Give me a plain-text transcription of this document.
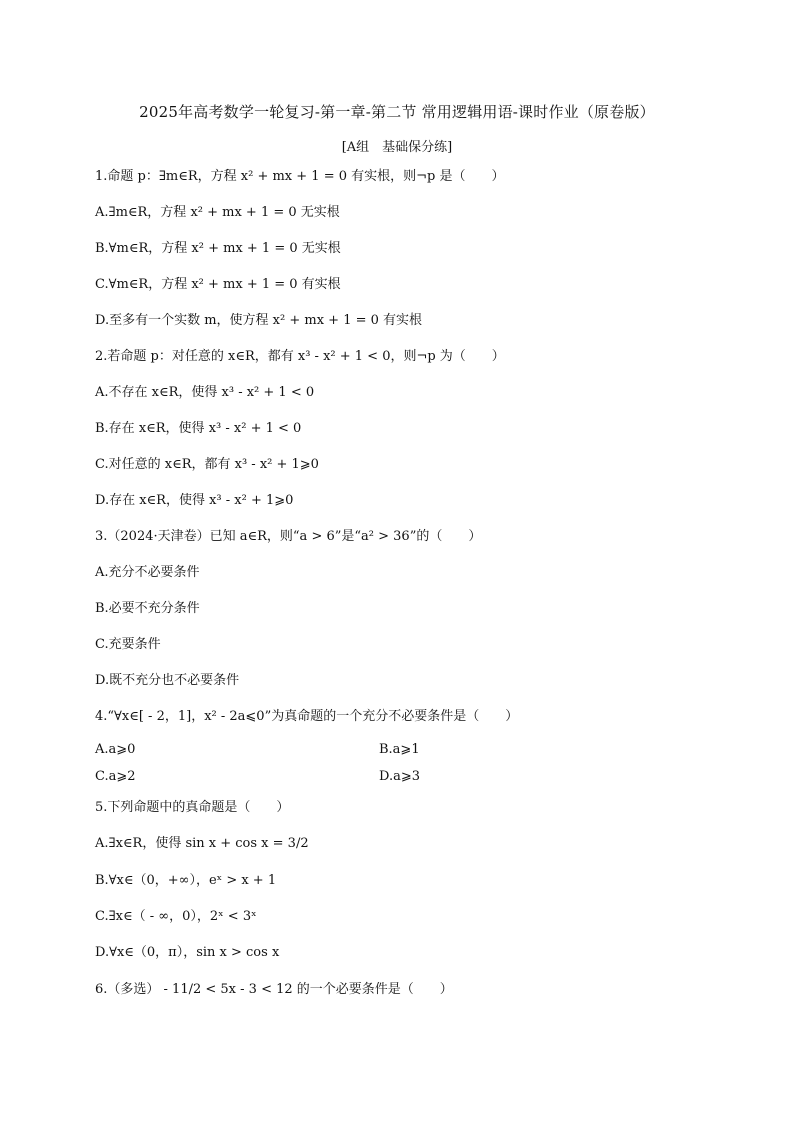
2025年高考数学一轮复习-第一章-第二节 常用逻辑用语-课时作业（原卷版）
[A组　基础保分练]
1.命题 p：∃m∈R，方程 x² + mx + 1 = 0 有实根，则¬p 是（　　）
A.∃m∈R，方程 x² + mx + 1 = 0 无实根
B.∀m∈R，方程 x² + mx + 1 = 0 无实根
C.∀m∈R，方程 x² + mx + 1 = 0 有实根
D.至多有一个实数 m，使方程 x² + mx + 1 = 0 有实根
2.若命题 p：对任意的 x∈R，都有 x³ - x² + 1 < 0，则¬p 为（　　）
A.不存在 x∈R，使得 x³ - x² + 1 < 0
B.存在 x∈R，使得 x³ - x² + 1 < 0
C.对任意的 x∈R，都有 x³ - x² + 1⩾0
D.存在 x∈R，使得 x³ - x² + 1⩾0
3.（2024·天津卷）已知 a∈R，则“a > 6”是“a² > 36”的（　　）
A.充分不必要条件
B.必要不充分条件
C.充要条件
D.既不充分也不必要条件
4.“∀x∈[ - 2，1]，x² - 2a⩽0”为真命题的一个充分不必要条件是（　　）
A.a⩾0	B.a⩾1
C.a⩾2	D.a⩾3
5.下列命题中的真命题是（　　）
A.∃x∈R，使得 sin x + cos x = 3/2
B.∀x∈（0，+∞），eˣ > x + 1
C.∃x∈（ - ∞，0），2ˣ < 3ˣ
D.∀x∈（0，π），sin x > cos x
6.（多选） - 11/2 < 5x - 3 < 12 的一个必要条件是（　　）
